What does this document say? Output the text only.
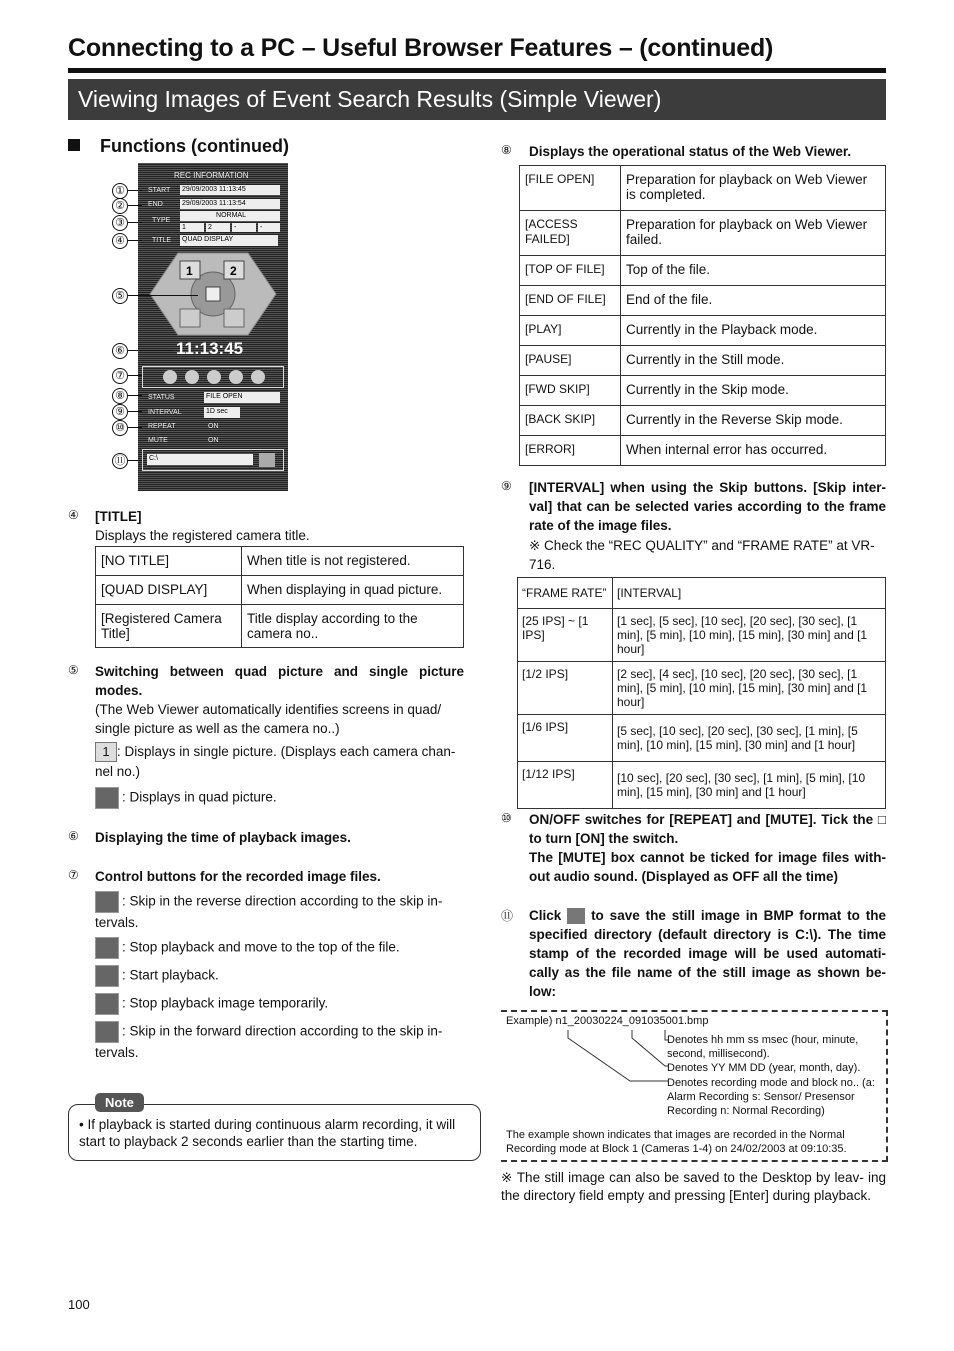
Connecting to a PC – Useful Browser Features – (continued)
Viewing Images of Event Search Results (Simple Viewer)
Functions (continued)
REC INFORMATION
START 29/09/2003 11:13:45
END	29/09/2003 11:13:54
TYPE
NORMAL
1	2	-	-
TITLE QUAD DISPLAY
1	2
11:13:45
STATUS	FILE OPEN
INTERVAL	1D sec
REPEAT	ON
MUTE	ON
C:\
①
②
③
④
⑤
⑥
⑦
⑧
⑨
⑩
⑪
④ [TITLE]
Displays the registered camera title.
[NO TITLE]	When title is not registered.
[QUAD DISPLAY]	When displaying in quad picture.
[Registered Camera Title]	Title display according to the camera no..
⑤ Switching between quad picture and single picture modes.
(The Web Viewer automatically identifies screens in quad/ single picture as well as the camera no..)
1 : Displays in single picture. (Displays each camera chan- nel no.)
: Displays in quad picture.
⑥ Displaying the time of playback images.
⑦ Control buttons for the recorded image files.
: Skip in the reverse direction according to the skip in- tervals.
: Stop playback and move to the top of the file.
: Start playback.
: Stop playback image temporarily.
: Skip in the forward direction according to the skip in- tervals.
Note
• If playback is started during continuous alarm recording, it will start to playback 2 seconds earlier than the starting time.
⑧ Displays the operational status of the Web Viewer.
[FILE OPEN]	Preparation for playback on Web Viewer is completed.
[ACCESS FAILED]	Preparation for playback on Web Viewer failed.
[TOP OF FILE]	Top of the file.
[END OF FILE]	End of the file.
[PLAY]	Currently in the Playback mode.
[PAUSE]	Currently in the Still mode.
[FWD SKIP]	Currently in the Skip mode.
[BACK SKIP]	Currently in the Reverse Skip mode.
[ERROR]	When internal error has occurred.
⑨ [INTERVAL] when using the Skip buttons. [Skip inter- val] that can be selected varies according to the frame rate of the image files.
※ Check the “REC QUALITY” and “FRAME RATE” at VR- 716.
“FRAME RATE”	[INTERVAL]
[25 IPS] ~ [1 IPS]	[1 sec], [5 sec], [10 sec], [20 sec], [30 sec], [1 min], [5 min], [10 min], [15 min], [30 min] and [1 hour]
[1/2 IPS]	[2 sec], [4 sec], [10 sec], [20 sec], [30 sec], [1 min], [5 min], [10 min], [15 min], [30 min] and [1 hour]
[1/6 IPS]	[5 sec], [10 sec], [20 sec], [30 sec], [1 min], [5 min], [10 min], [15 min], [30 min] and [1 hour]
[1/12 IPS]	[10 sec], [20 sec], [30 sec], [1 min], [5 min], [10 min], [15 min], [30 min] and [1 hour]
⑩ ON/OFF switches for [REPEAT] and [MUTE]. Tick the □ to turn [ON] the switch.
The [MUTE] box cannot be ticked for image files with- out audio sound. (Displayed as OFF all the time)
⑪ Click to save the still image in BMP format to the specified directory (default directory is C:\). The time stamp of the recorded image will be used automati- cally as the file name of the still image as shown be- low:
Example) n1_20030224_091035001.bmp
Denotes hh mm ss msec (hour, minute, second, millisecond).
Denotes YY MM DD (year, month, day).
Denotes recording mode and block no.. (a: Alarm Recording s: Sensor/ Presensor Recording n: Normal Recording)
The example shown indicates that images are recorded in the Normal Recording mode at Block 1 (Cameras 1-4) on 24/02/2003 at 09:10:35.
※ The still image can also be saved to the Desktop by leav- ing the directory field empty and pressing [Enter] during playback.
100
